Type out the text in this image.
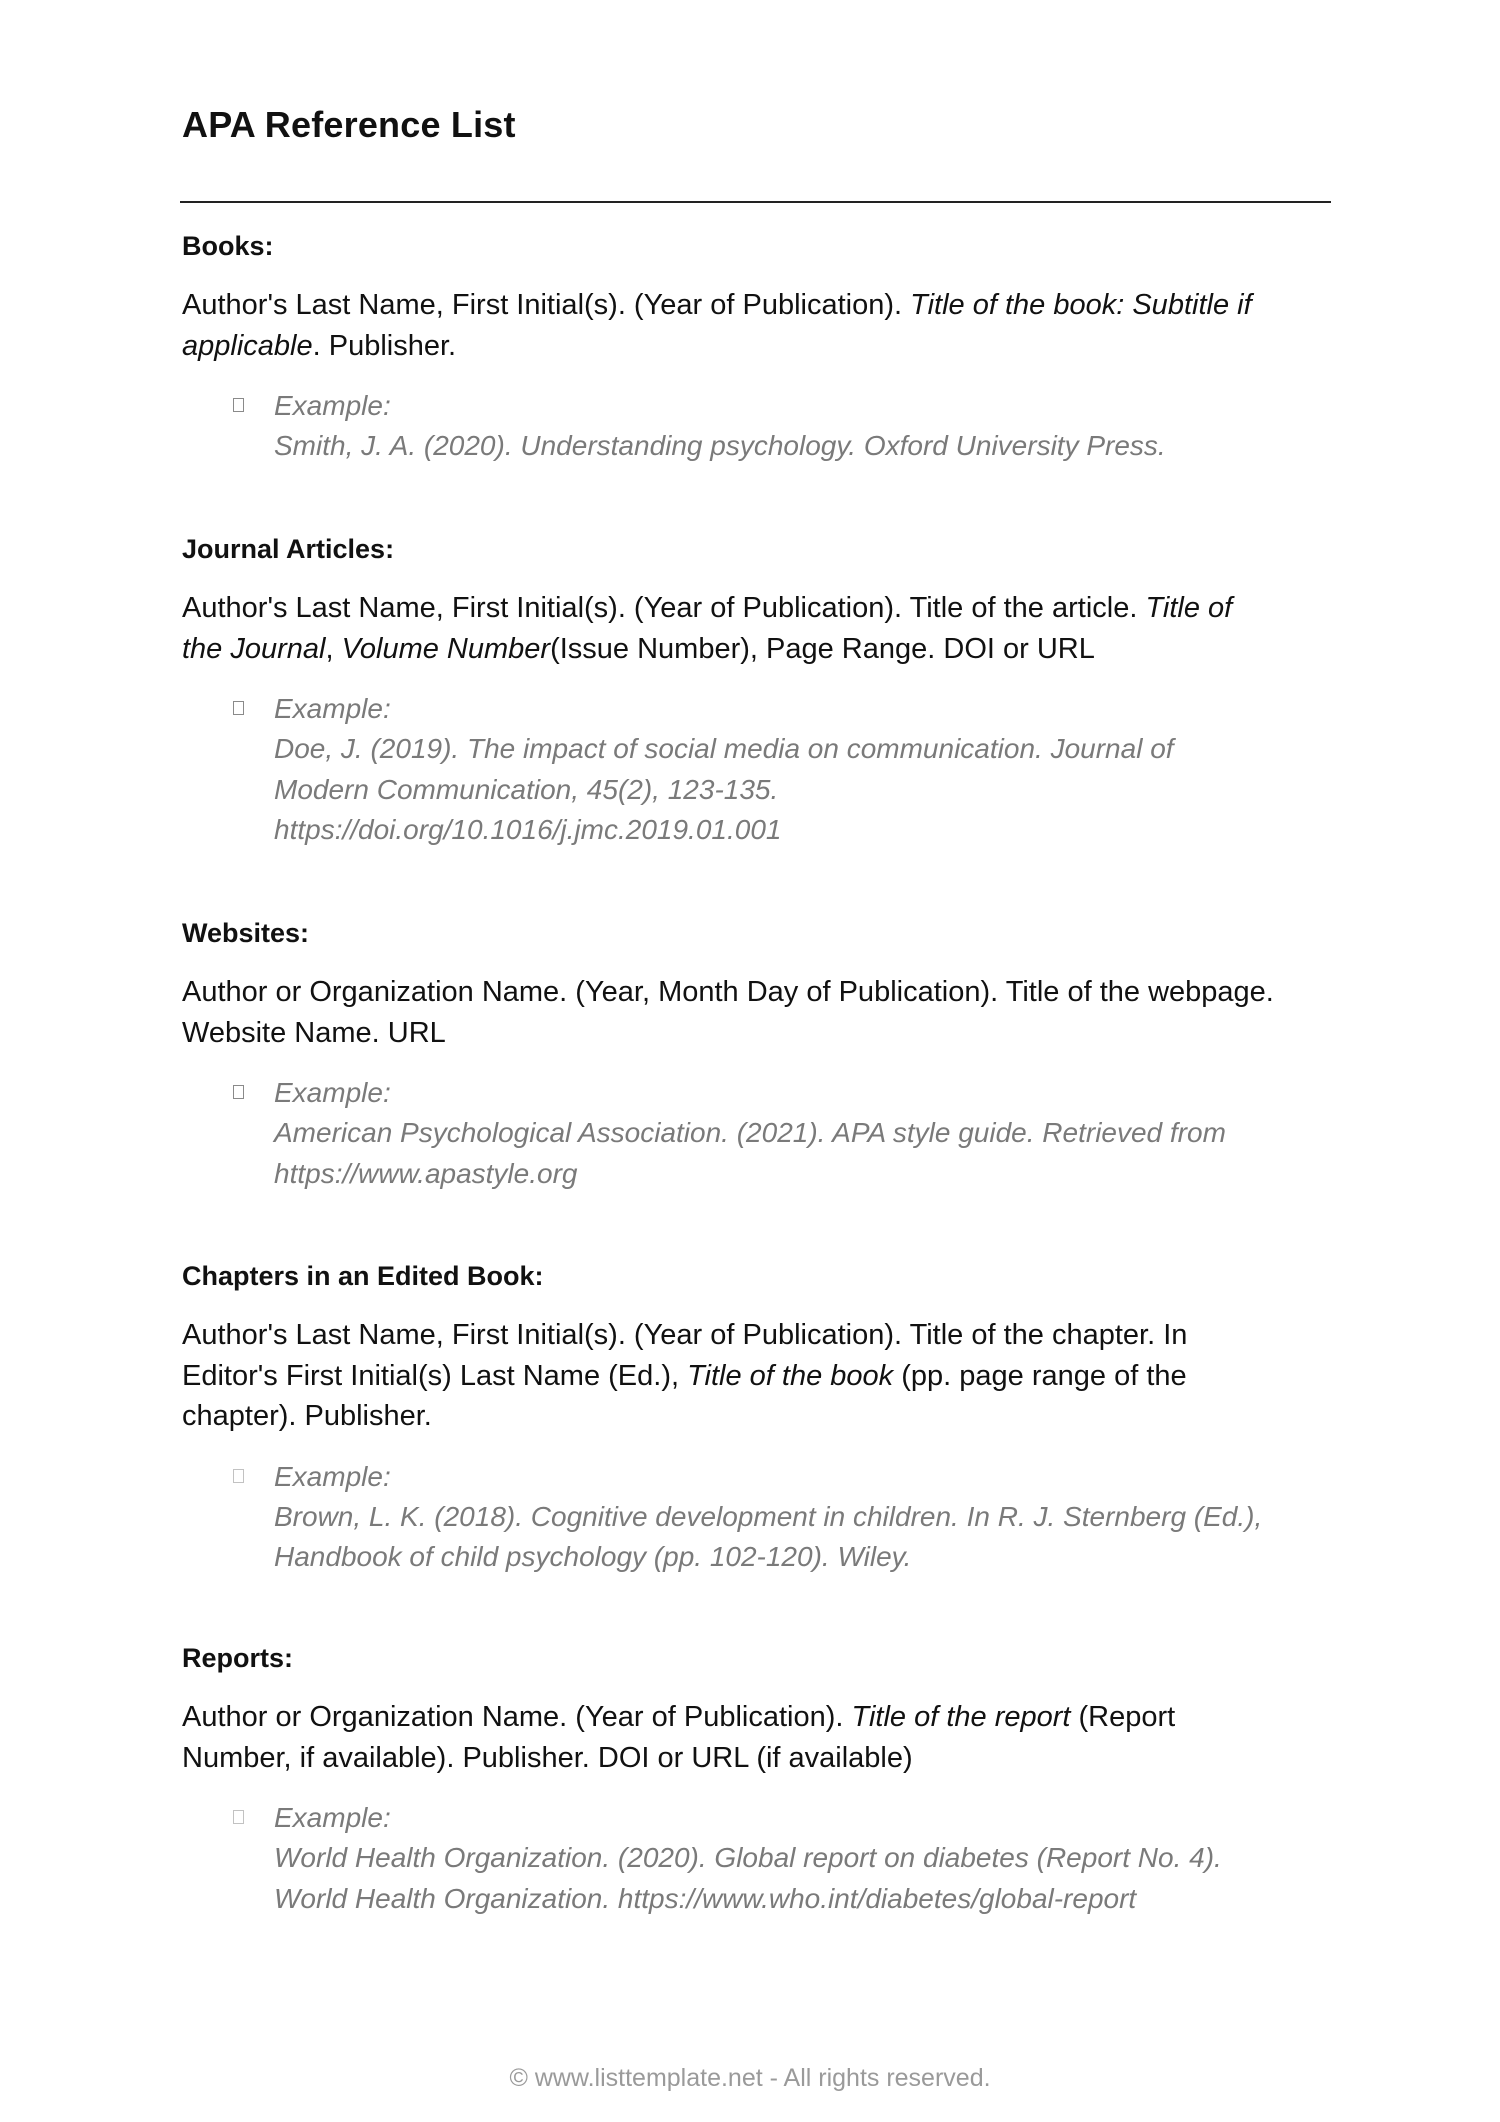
APA Reference List
Books:
Author's Last Name, First Initial(s). (Year of Publication). Title of the book: Subtitle if
applicable. Publisher.
Example:
Smith, J. A. (2020). Understanding psychology. Oxford University Press.
Journal Articles:
Author's Last Name, First Initial(s). (Year of Publication). Title of the article. Title of
the Journal, Volume Number(Issue Number), Page Range. DOI or URL
Example:
Doe, J. (2019). The impact of social media on communication. Journal of
Modern Communication, 45(2), 123-135.
https://doi.org/10.1016/j.jmc.2019.01.001
Websites:
Author or Organization Name. (Year, Month Day of Publication). Title of the webpage.
Website Name. URL
Example:
American Psychological Association. (2021). APA style guide. Retrieved from
https://www.apastyle.org
Chapters in an Edited Book:
Author's Last Name, First Initial(s). (Year of Publication). Title of the chapter. In
Editor's First Initial(s) Last Name (Ed.), Title of the book (pp. page range of the
chapter). Publisher.
Example:
Brown, L. K. (2018). Cognitive development in children. In R. J. Sternberg (Ed.),
Handbook of child psychology (pp. 102-120). Wiley.
Reports:
Author or Organization Name. (Year of Publication). Title of the report (Report
Number, if available). Publisher. DOI or URL (if available)
Example:
World Health Organization. (2020). Global report on diabetes (Report No. 4).
World Health Organization. https://www.who.int/diabetes/global-report
© www.listtemplate.net - All rights reserved.
